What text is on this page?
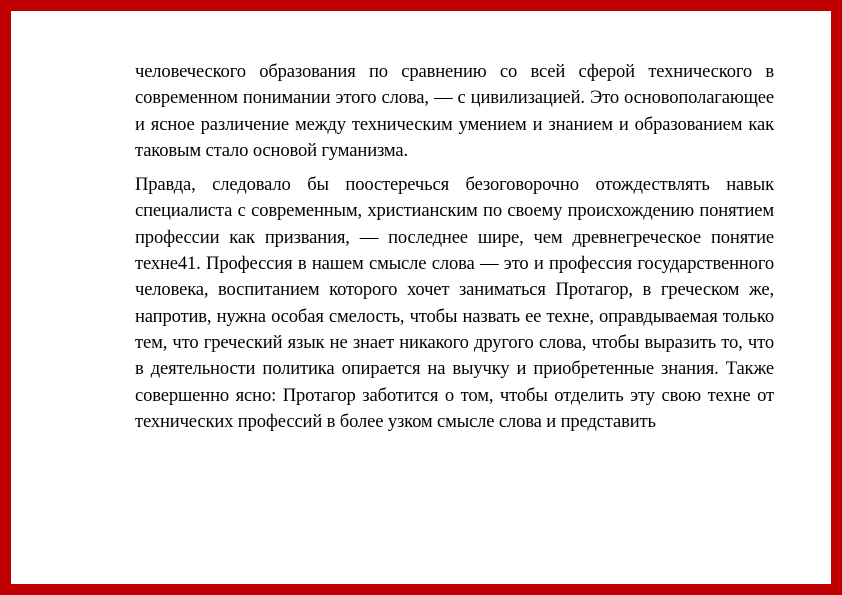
человеческого образования по сравнению со всей сферой технического в современном понимании этого слова, — с цивилизацией. Это основополагающее и ясное различение между техническим умением и знанием и образованием как таковым стало основой гуманизма.

Правда, следовало бы поостеречься безоговорочно отождествлять навык специалиста с современным, христианским по своему происхождению понятием профессии как призвания, — последнее шире, чем древнегреческое понятие техне41. Профессия в нашем смысле слова — это и профессия государственного человека, воспитанием которого хочет заниматься Протагор, в греческом же, напротив, нужна особая смелость, чтобы назвать ее техне, оправдываемая только тем, что греческий язык не знает никакого другого слова, чтобы выразить то, что в деятельности политика опирается на выучку и приобретенные знания. Также совершенно ясно: Протагор заботится о том, чтобы отделить эту свою техне от технических профессий в более узком смысле слова и представить
